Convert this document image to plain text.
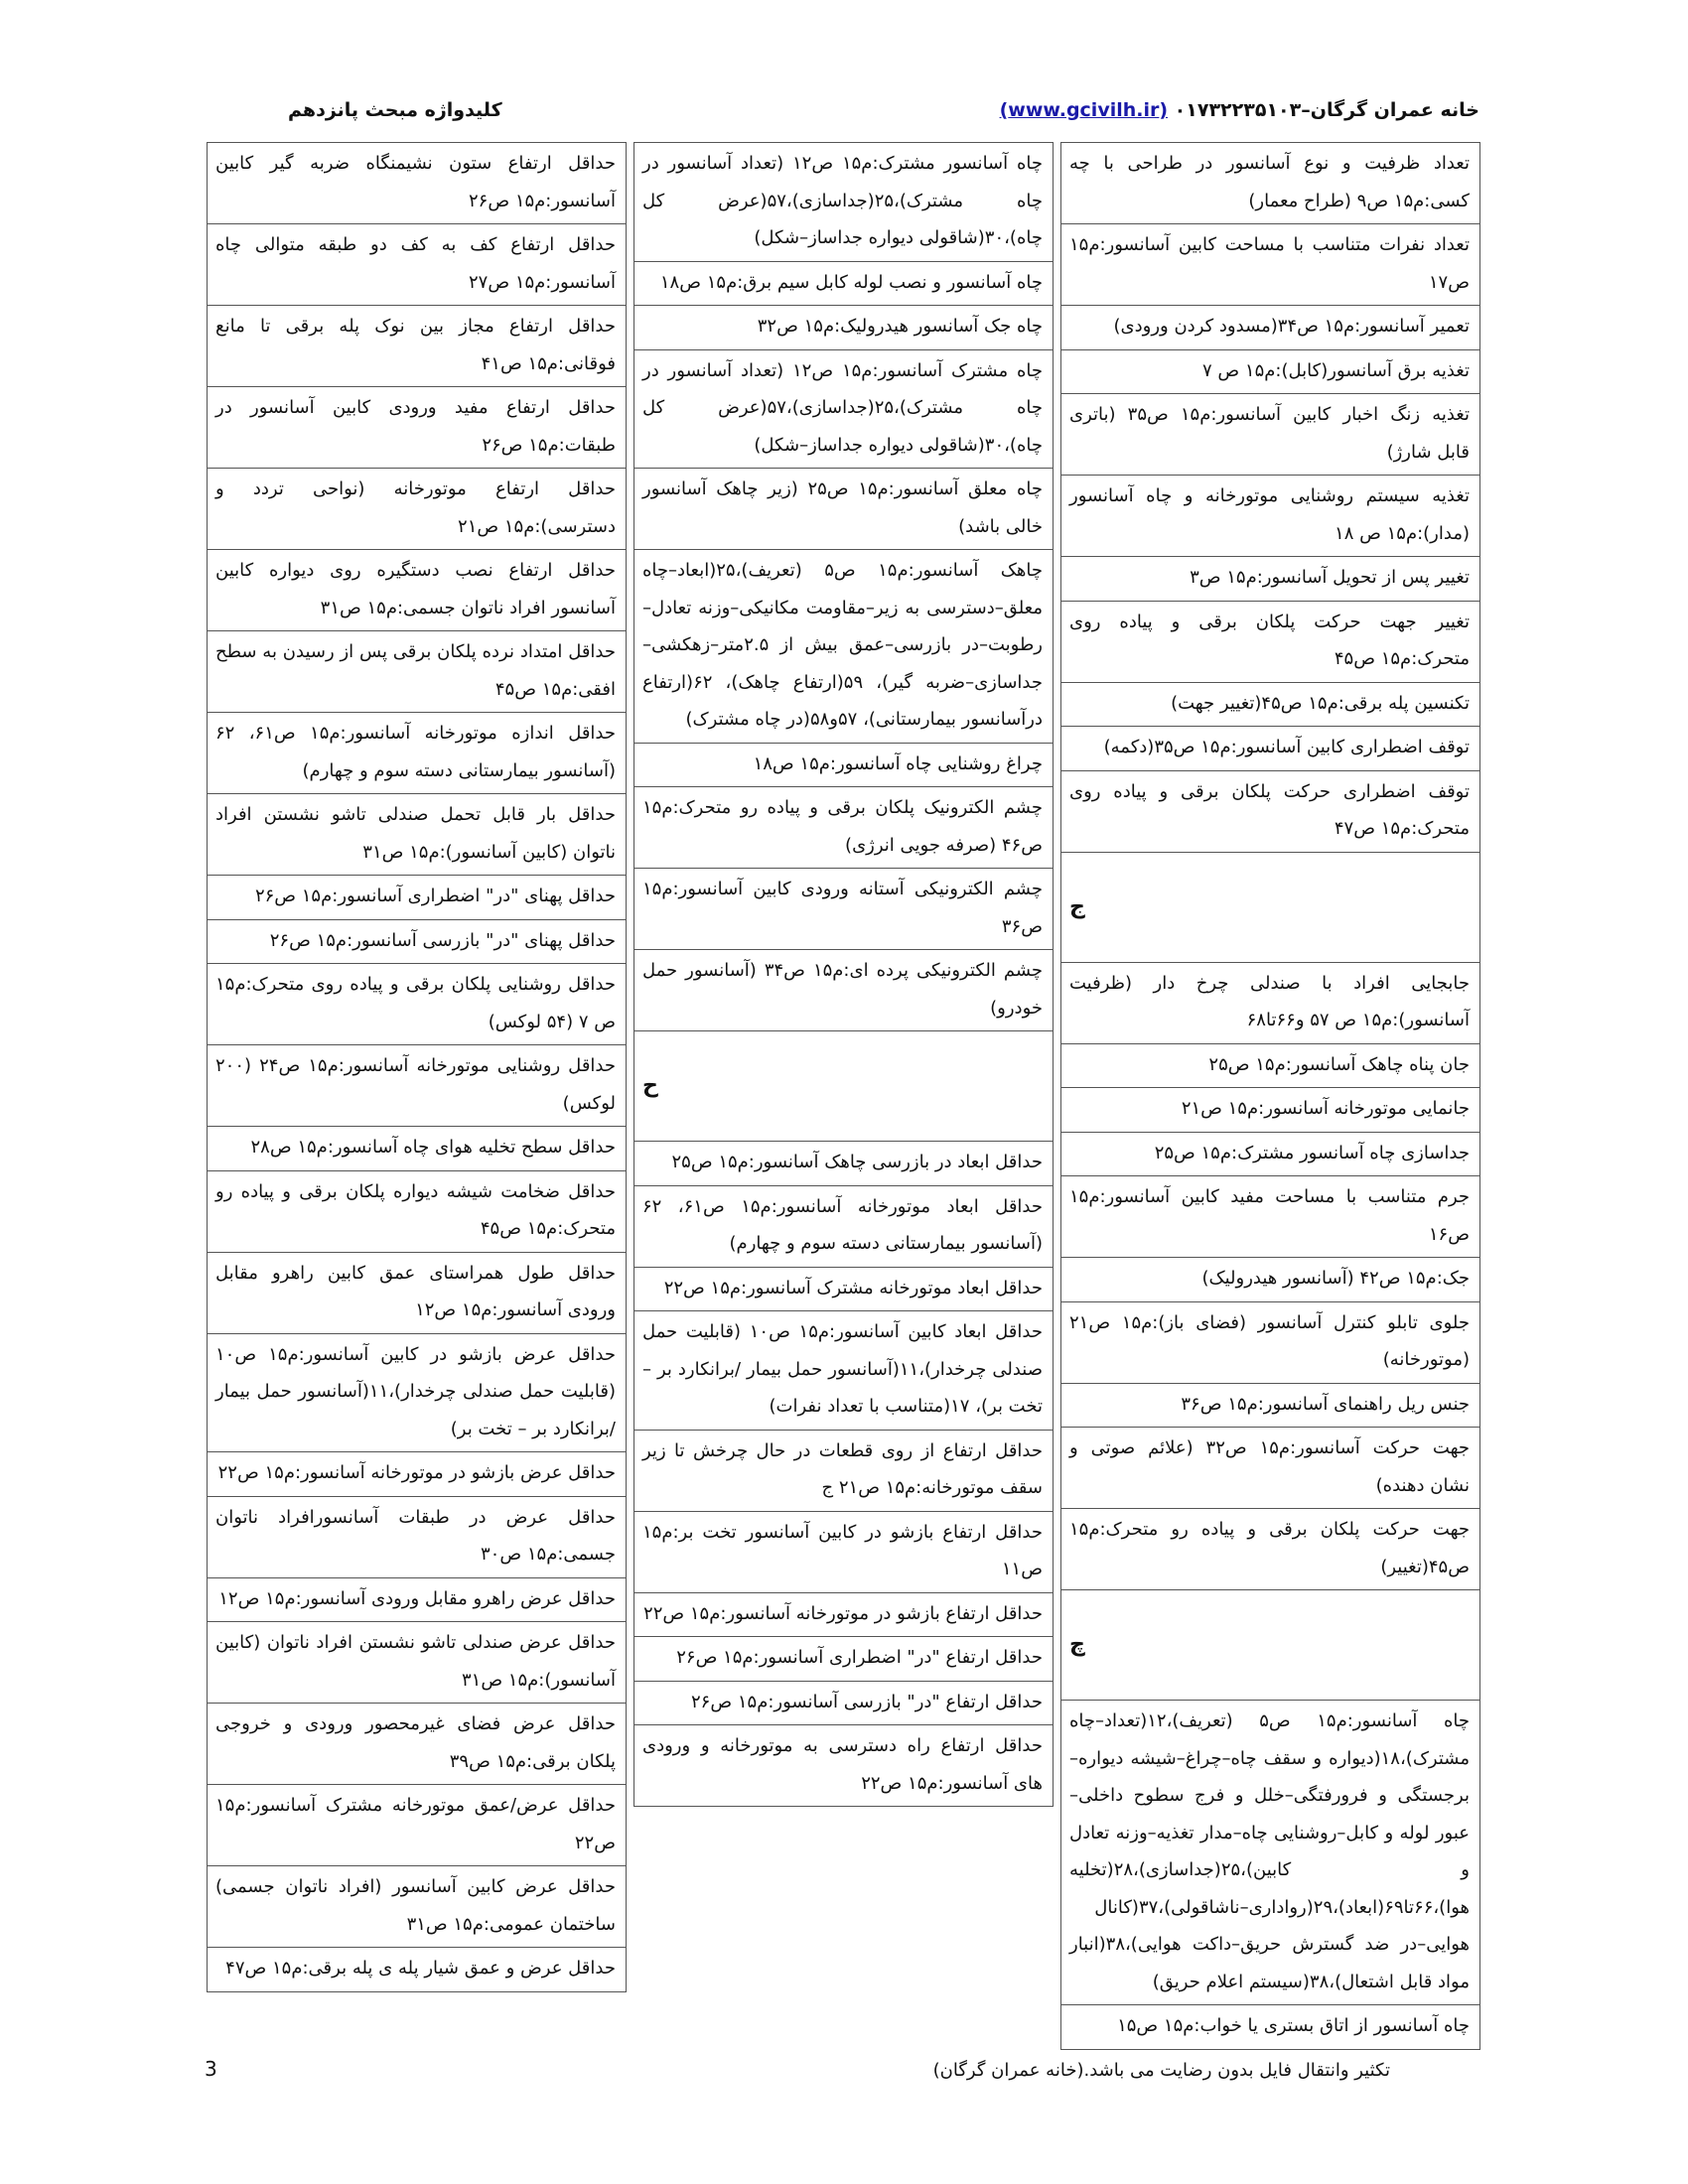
خانه عمران گرگان–۰۱۷۳۲۲۳۵۱۰۳ (www.gcivilh.ir)
کلیدواژه مبحث پانزدهم
تعداد ظرفیت و نوع آسانسور در طراحی با چه کسی:م۱۵ ص۹ (طراح معمار)
تعداد نفرات متناسب با مساحت کابین آسانسور:م۱۵ ص۱۷
تعمیر آسانسور:م۱۵ ص۳۴(مسدود کردن ورودی)
تغذیه برق آسانسور(کابل):م۱۵ ص ۷
تغذیه زنگ اخبار کابین آسانسور:م۱۵ ص۳۵ (باتری قابل شارژ)
تغذیه سیستم روشنایی موتورخانه و چاه آسانسور (مدار):م۱۵ ص ۱۸
تغییر پس از تحویل آسانسور:م۱۵ ص۳
تغییر جهت حرکت پلکان برقی و پیاده روی متحرک:م۱۵ ص۴۵
تکنسین پله برقی:م۱۵ ص۴۵(تغییر جهت)
توقف اضطراری کابین آسانسور:م۱۵ ص۳۵(دکمه)
توقف اضطراری حرکت پلکان برقی و پیاده روی متحرک:م۱۵ ص۴۷
ج
جابجایی افراد با صندلی چرخ دار (ظرفیت آسانسور):م۱۵ ص ۵۷ و۶۶تا۶۸
جان پناه چاهک آسانسور:م۱۵ ص۲۵
جانمایی موتورخانه آسانسور:م۱۵ ص۲۱
جداسازی چاه آسانسور مشترک:م۱۵ ص۲۵
جرم متناسب با مساحت مفید کابین آسانسور:م۱۵ ص۱۶
جک:م۱۵ ص۴۲ (آسانسور هیدرولیک)
جلوی تابلو کنترل آسانسور (فضای باز):م۱۵ ص۲۱ (موتورخانه)
جنس ریل راهنمای آسانسور:م۱۵ ص۳۶
جهت حرکت آسانسور:م۱۵ ص۳۲ (علائم صوتی و نشان دهنده)
جهت حرکت پلکان برقی و پیاده رو متحرک:م۱۵ ص۴۵(تغییر)
چ
چاه آسانسور:م۱۵ ص۵ (تعریف)،۱۲(تعداد–چاه مشترک)،۱۸(دیواره و سقف چاه–چراغ–شیشه دیواره–برجستگی و فرورفتگی–خلل و فرج سطوح داخلی–عبور لوله و کابل–روشنایی چاه–مدار تغذیه–وزنه تعادل و کابین)،۲۵(جداسازی)،۲۸(تخلیه هوا)،۶۶تا۶۹(ابعاد)،۲۹(رواداری–ناشاقولی)،۳۷(کانال هوایی–در ضد گسترش حریق–داکت هوایی)،۳۸(انبار مواد قابل اشتعال)،۳۸(سیستم اعلام حریق)
چاه آسانسور از اتاق بستری یا خواب:م۱۵ ص۱۵
چاه آسانسور مشترک:م۱۵ ص۱۲ (تعداد آسانسور در چاه مشترک)،۲۵(جداسازی)،۵۷(عرض کل چاه)،۳۰(شاقولی دیواره جداساز–شکل)
چاه آسانسور و نصب لوله کابل سیم برق:م۱۵ ص۱۸
چاه جک آسانسور هیدرولیک:م۱۵ ص۳۲
چاه مشترک آسانسور:م۱۵ ص۱۲ (تعداد آسانسور در چاه مشترک)،۲۵(جداسازی)،۵۷(عرض کل چاه)،۳۰(شاقولی دیواره جداساز–شکل)
چاه معلق آسانسور:م۱۵ ص۲۵ (زیر چاهک آسانسور خالی باشد)
چاهک آسانسور:م۱۵ ص۵ (تعریف)،۲۵(ابعاد–چاه معلق–دسترسی به زیر–مقاومت مکانیکی–وزنه تعادل–رطوبت–در بازرسی–عمق بیش از ۲.۵متر–زهکشی–جداسازی–ضربه گیر)، ۵۹(ارتفاع چاهک)، ۶۲(ارتفاع درآسانسور بیمارستانی)، ۵۷و۵۸(در چاه مشترک)
چراغ روشنایی چاه آسانسور:م۱۵ ص۱۸
چشم الکترونیک پلکان برقی و پیاده رو متحرک:م۱۵ ص۴۶ (صرفه جویی انرژی)
چشم الکترونیکی آستانه ورودی کابین آسانسور:م۱۵ ص۳۶
چشم الکترونیکی پرده ای:م۱۵ ص۳۴ (آسانسور حمل خودرو)
ح
حداقل ابعاد در بازرسی چاهک آسانسور:م۱۵ ص۲۵
حداقل ابعاد موتورخانه آسانسور:م۱۵ ص۶۱، ۶۲ (آسانسور بیمارستانی دسته سوم و چهارم)
حداقل ابعاد موتورخانه مشترک آسانسور:م۱۵ ص۲۲
حداقل ابعاد کابین آسانسور:م۱۵ ص۱۰ (قابلیت حمل صندلی چرخدار)،۱۱(آسانسور حمل بیمار /برانکارد بر – تخت بر)، ۱۷(متناسب با تعداد نفرات)
حداقل ارتفاع از روی قطعات در حال چرخش تا زیر سقف موتورخانه:م۱۵ ص۲۱ ج
حداقل ارتفاع بازشو در کابین آسانسور تخت بر:م۱۵ ص۱۱
حداقل ارتفاع بازشو در موتورخانه آسانسور:م۱۵ ص۲۲
حداقل ارتفاع "در" اضطراری آسانسور:م۱۵ ص۲۶
حداقل ارتفاع "در" بازرسی آسانسور:م۱۵ ص۲۶
حداقل ارتفاع راه دسترسی به موتورخانه و ورودی های آسانسور:م۱۵ ص۲۲
حداقل ارتفاع ستون نشیمنگاه ضربه گیر کابین آسانسور:م۱۵ ص۲۶
حداقل ارتفاع کف به کف دو طبقه متوالی چاه آسانسور:م۱۵ ص۲۷
حداقل ارتفاع مجاز بین نوک پله برقی تا مانع فوقانی:م۱۵ ص۴۱
حداقل ارتفاع مفید ورودی کابین آسانسور در طبقات:م۱۵ ص۲۶
حداقل ارتفاع موتورخانه (نواحی تردد و دسترسی):م۱۵ ص۲۱
حداقل ارتفاع نصب دستگیره روی دیواره کابین آسانسور افراد ناتوان جسمی:م۱۵ ص۳۱
حداقل امتداد نرده پلکان برقی پس از رسیدن به سطح افقی:م۱۵ ص۴۵
حداقل اندازه موتورخانه آسانسور:م۱۵ ص۶۱، ۶۲ (آسانسور بیمارستانی دسته سوم و چهارم)
حداقل بار قابل تحمل صندلی تاشو نشستن افراد ناتوان (کابین آسانسور):م۱۵ ص۳۱
حداقل پهنای "در" اضطراری آسانسور:م۱۵ ص۲۶
حداقل پهنای "در" بازرسی آسانسور:م۱۵ ص۲۶
حداقل روشنایی پلکان برقی و پیاده روی متحرک:م۱۵ ص ۷ (۵۴ لوکس)
حداقل روشنایی موتورخانه آسانسور:م۱۵ ص۲۴ (۲۰۰ لوکس)
حداقل سطح تخلیه هوای چاه آسانسور:م۱۵ ص۲۸
حداقل ضخامت شیشه دیواره پلکان برقی و پیاده رو متحرک:م۱۵ ص۴۵
حداقل طول همراستای عمق کابین راهرو مقابل ورودی آسانسور:م۱۵ ص۱۲
حداقل عرض بازشو در کابین آسانسور:م۱۵ ص۱۰ (قابلیت حمل صندلی چرخدار)،۱۱(آسانسور حمل بیمار /برانکارد بر – تخت بر)
حداقل عرض بازشو در موتورخانه آسانسور:م۱۵ ص۲۲
حداقل عرض در طبقات آسانسورافراد ناتوان جسمی:م۱۵ ص۳۰
حداقل عرض راهرو مقابل ورودی آسانسور:م۱۵ ص۱۲
حداقل عرض صندلی تاشو نشستن افراد ناتوان (کابین آسانسور):م۱۵ ص۳۱
حداقل عرض فضای غیرمحصور ورودی و خروجی پلکان برقی:م۱۵ ص۳۹
حداقل عرض/عمق موتورخانه مشترک آسانسور:م۱۵ ص۲۲
حداقل عرض کابین آسانسور (افراد ناتوان جسمی) ساختمان عمومی:م۱۵ ص۳۱
حداقل عرض و عمق شیار پله ی پله برقی:م۱۵ ص۴۷
تکثیر وانتقال فایل بدون رضایت می باشد.(خانه عمران گرگان)
3
